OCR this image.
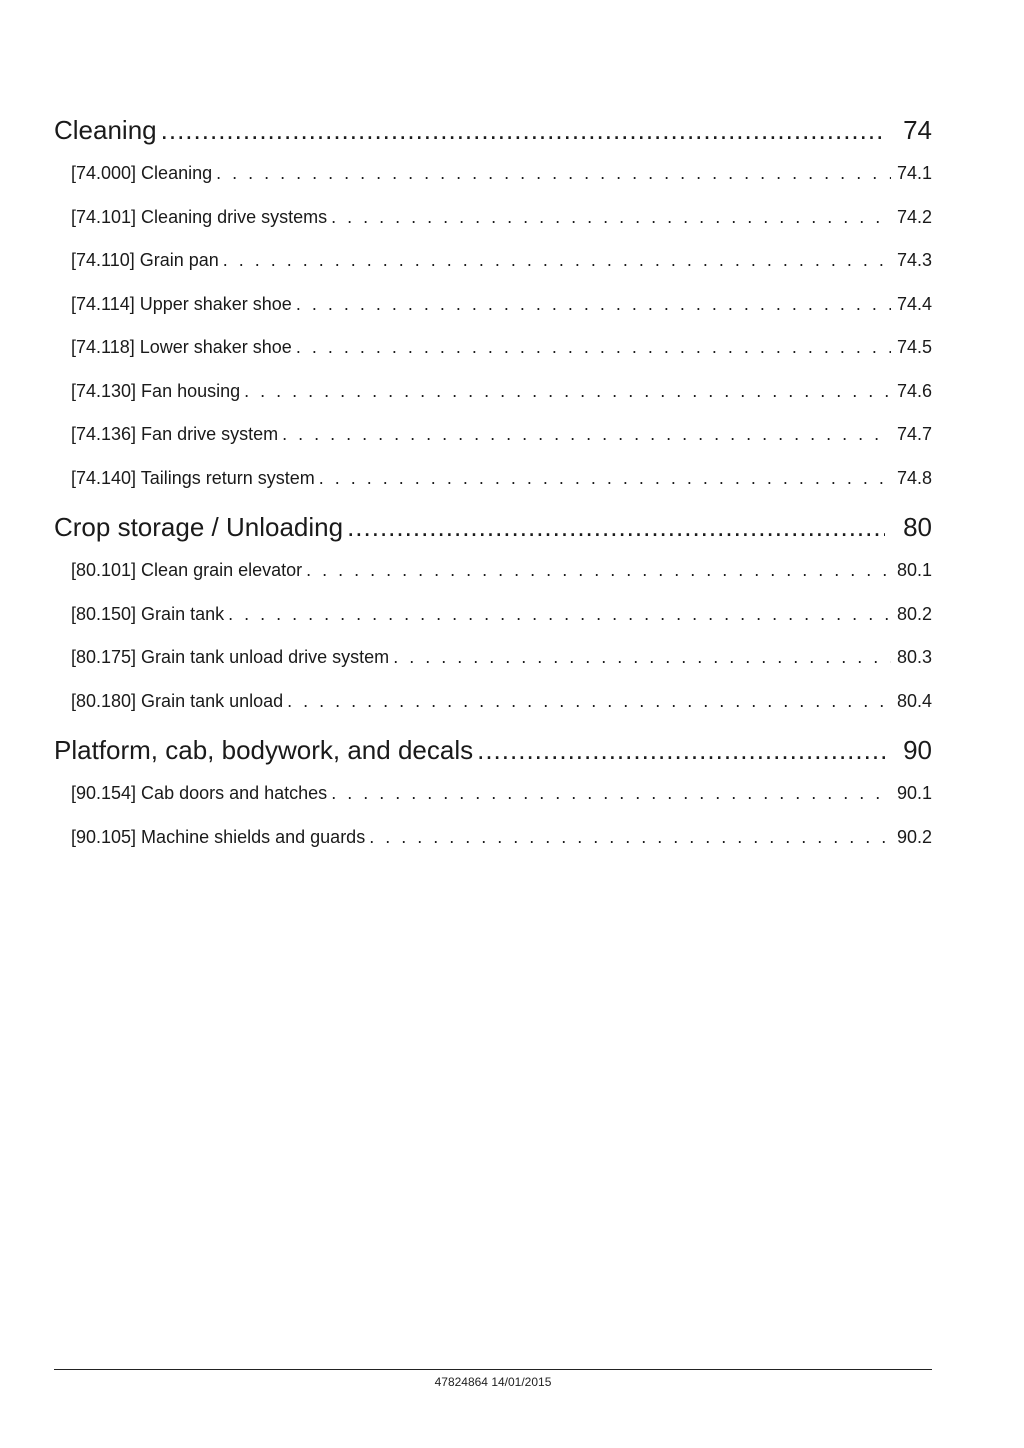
Cleaning .....	74
[74.000] Cleaning . . .	74.1
[74.101] Cleaning drive systems . . .	74.2
[74.110] Grain pan . . .	74.3
[74.114] Upper shaker shoe . . .	74.4
[74.118] Lower shaker shoe . . .	74.5
[74.130] Fan housing . . .	74.6
[74.136] Fan drive system . . .	74.7
[74.140] Tailings return system . . .	74.8
Crop storage / Unloading .....	80
[80.101] Clean grain elevator . . .	80.1
[80.150] Grain tank . . .	80.2
[80.175] Grain tank unload drive system . . .	80.3
[80.180] Grain tank unload . . .	80.4
Platform, cab, bodywork, and decals .....	90
[90.154] Cab doors and hatches . . .	90.1
[90.105] Machine shields and guards . . .	90.2
47824864 14/01/2015
